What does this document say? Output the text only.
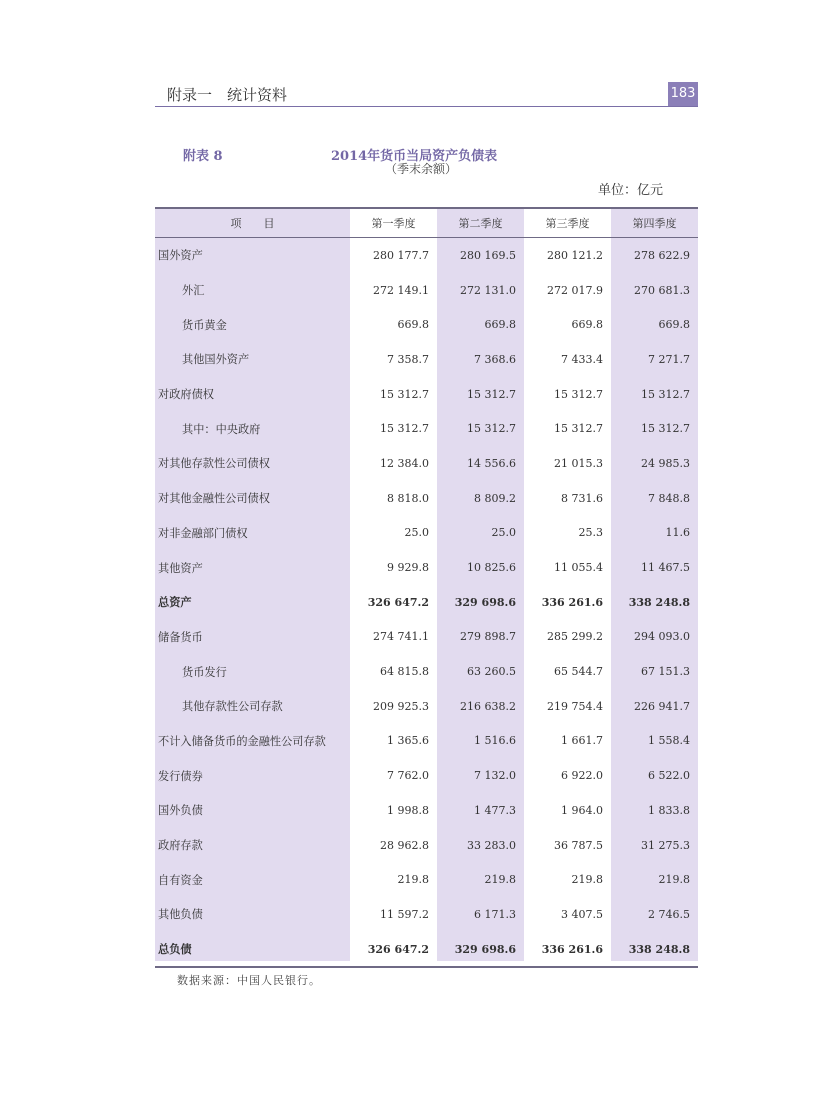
附录一　统计资料	183
附表 8	2014年货币当局资产负债表
（季末余额）
单位：亿元
项　　目	第一季度	第二季度	第三季度	第四季度
国外资产	280 177.7	280 169.5	280 121.2	278 622.9
外汇	272 149.1	272 131.0	272 017.9	270 681.3
货币黄金	669.8	669.8	669.8	669.8
其他国外资产	7 358.7	7 368.6	7 433.4	7 271.7
对政府债权	15 312.7	15 312.7	15 312.7	15 312.7
其中：中央政府	15 312.7	15 312.7	15 312.7	15 312.7
对其他存款性公司债权	12 384.0	14 556.6	21 015.3	24 985.3
对其他金融性公司债权	8 818.0	8 809.2	8 731.6	7 848.8
对非金融部门债权	25.0	25.0	25.3	11.6
其他资产	9 929.8	10 825.6	11 055.4	11 467.5
总资产	326 647.2	329 698.6	336 261.6	338 248.8
储备货币	274 741.1	279 898.7	285 299.2	294 093.0
货币发行	64 815.8	63 260.5	65 544.7	67 151.3
其他存款性公司存款	209 925.3	216 638.2	219 754.4	226 941.7
不计入储备货币的金融性公司存款	1 365.6	1 516.6	1 661.7	1 558.4
发行债券	7 762.0	7 132.0	6 922.0	6 522.0
国外负债	1 998.8	1 477.3	1 964.0	1 833.8
政府存款	28 962.8	33 283.0	36 787.5	31 275.3
自有资金	219.8	219.8	219.8	219.8
其他负债	11 597.2	6 171.3	3 407.5	2 746.5
总负债	326 647.2	329 698.6	336 261.6	338 248.8
数据来源：中国人民银行。
